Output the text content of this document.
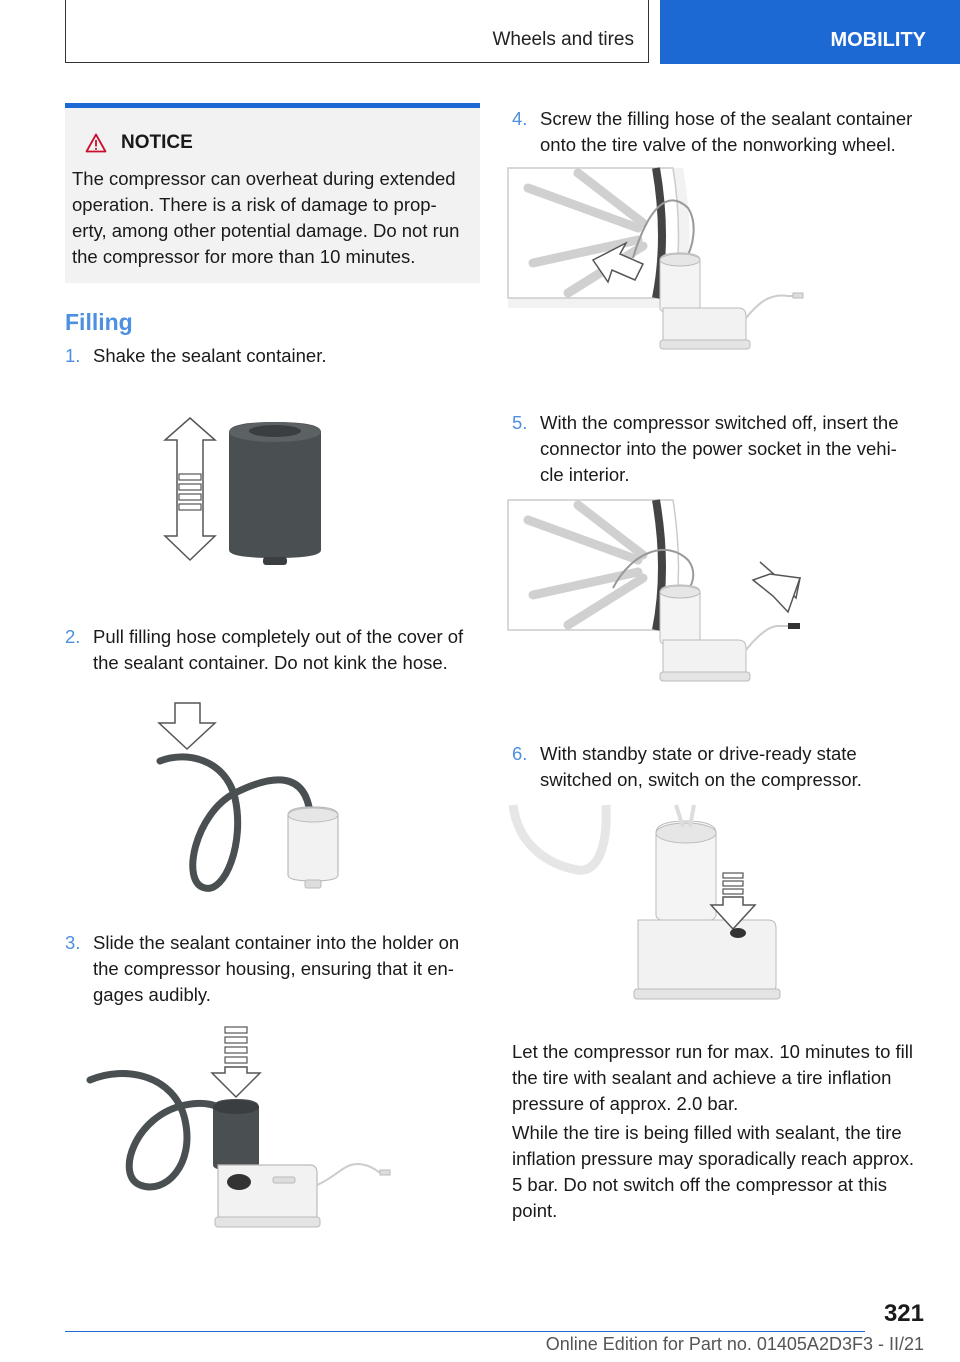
Wheels and tires	MOBILITY
NOTICE
The compressor can overheat during extended
operation. There is a risk of damage to prop-
erty, among other potential damage. Do not run
the compressor for more than 10 minutes.
Filling
1. Shake the sealant container.
2. Pull filling hose completely out of the cover of
the sealant container. Do not kink the hose.
3. Slide the sealant container into the holder on
the compressor housing, ensuring that it en-
gages audibly.
4. Screw the filling hose of the sealant container
onto the tire valve of the nonworking wheel.
5. With the compressor switched off, insert the
connector into the power socket in the vehi-
cle interior.
6. With standby state or drive-ready state
switched on, switch on the compressor.
Let the compressor run for max. 10 minutes to fill
the tire with sealant and achieve a tire inflation
pressure of approx. 2.0 bar.
While the tire is being filled with sealant, the tire
inflation pressure may sporadically reach approx.
5 bar. Do not switch off the compressor at this
point.
321
Online Edition for Part no. 01405A2D3F3 - II/21
